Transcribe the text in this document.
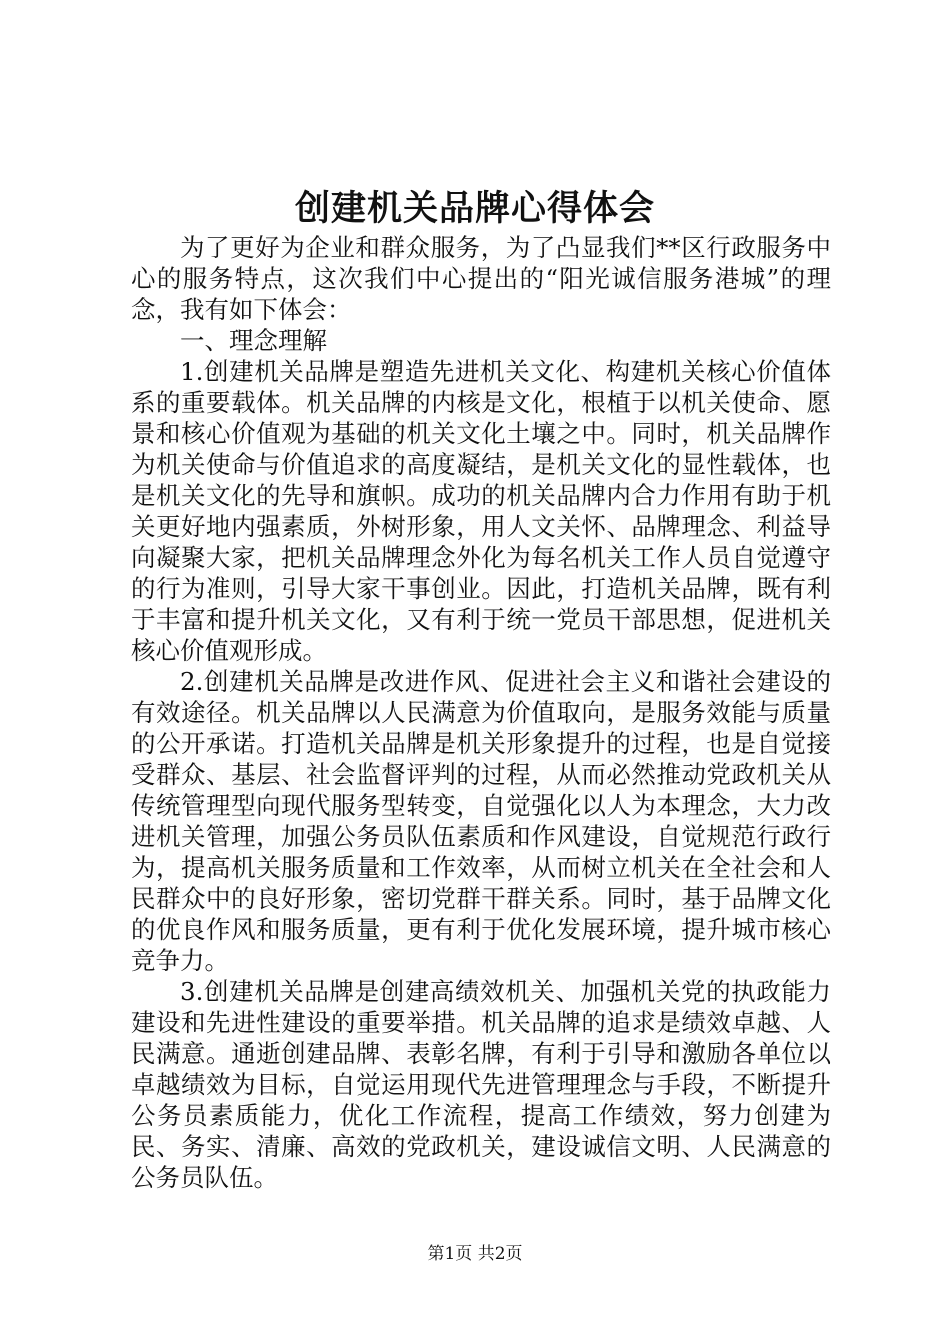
创建机关品牌心得体会

为了更好为企业和群众服务，为了凸显我们**区行政服务中心的服务特点，这次我们中心提出的“阳光诚信服务港城”的理念，我有如下体会：

一、理念理解

1.创建机关品牌是塑造先进机关文化、构建机关核心价值体系的重要载体。机关品牌的内核是文化，根植于以机关使命、愿景和核心价值观为基础的机关文化土壤之中。同时，机关品牌作为机关使命与价值追求的高度凝结，是机关文化的显性载体，也是机关文化的先导和旗帜。成功的机关品牌内合力作用有助于机关更好地内强素质，外树形象，用人文关怀、品牌理念、利益导向凝聚大家，把机关品牌理念外化为每名机关工作人员自觉遵守的行为准则，引导大家干事创业。因此，打造机关品牌，既有利于丰富和提升机关文化，又有利于统一党员干部思想，促进机关核心价值观形成。

2.创建机关品牌是改进作风、促进社会主义和谐社会建设的有效途径。机关品牌以人民满意为价值取向，是服务效能与质量的公开承诺。打造机关品牌是机关形象提升的过程，也是自觉接受群众、基层、社会监督评判的过程，从而必然推动党政机关从传统管理型向现代服务型转变，自觉强化以人为本理念，大力改进机关管理，加强公务员队伍素质和作风建设，自觉规范行政行为，提高机关服务质量和工作效率，从而树立机关在全社会和人民群众中的良好形象，密切党群干群关系。同时，基于品牌文化的优良作风和服务质量，更有利于优化发展环境，提升城市核心竞争力。

3.创建机关品牌是创建高绩效机关、加强机关党的执政能力建设和先进性建设的重要举措。机关品牌的追求是绩效卓越、人民满意。通逝创建品牌、表彰名牌，有利于引导和激励各单位以卓越绩效为目标，自觉运用现代先进管理理念与手段，不断提升公务员素质能力，优化工作流程，提高工作绩效，努力创建为民、务实、清廉、高效的党政机关，建设诚信文明、人民满意的公务员队伍。

第1页 共2页
